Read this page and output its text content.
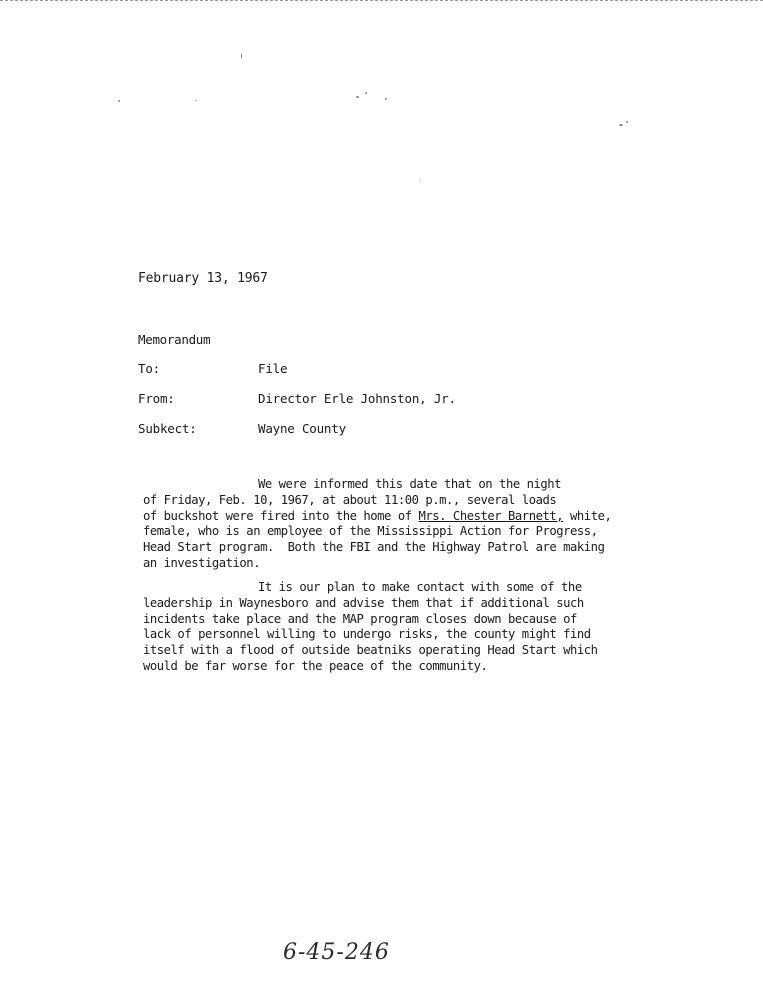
February 13, 1967
Memorandum
To:	File
From:	Director Erle Johnston, Jr.
Subkect:	Wayne County
We were informed this date that on the night
of Friday, Feb. 10, 1967, at about 11:00 p.m., several loads
of buckshot were fired into the home of Mrs. Chester Barnett, white,
female, who is an employee of the Mississippi Action for Progress,
Head Start program.  Both the FBI and the Highway Patrol are making
an investigation.
It is our plan to make contact with some of the
leadership in Waynesboro and advise them that if additional such
incidents take place and the MAP program closes down because of
lack of personnel willing to undergo risks, the county might find
itself with a flood of outside beatniks operating Head Start which
would be far worse for the peace of the community.
6-45-246
